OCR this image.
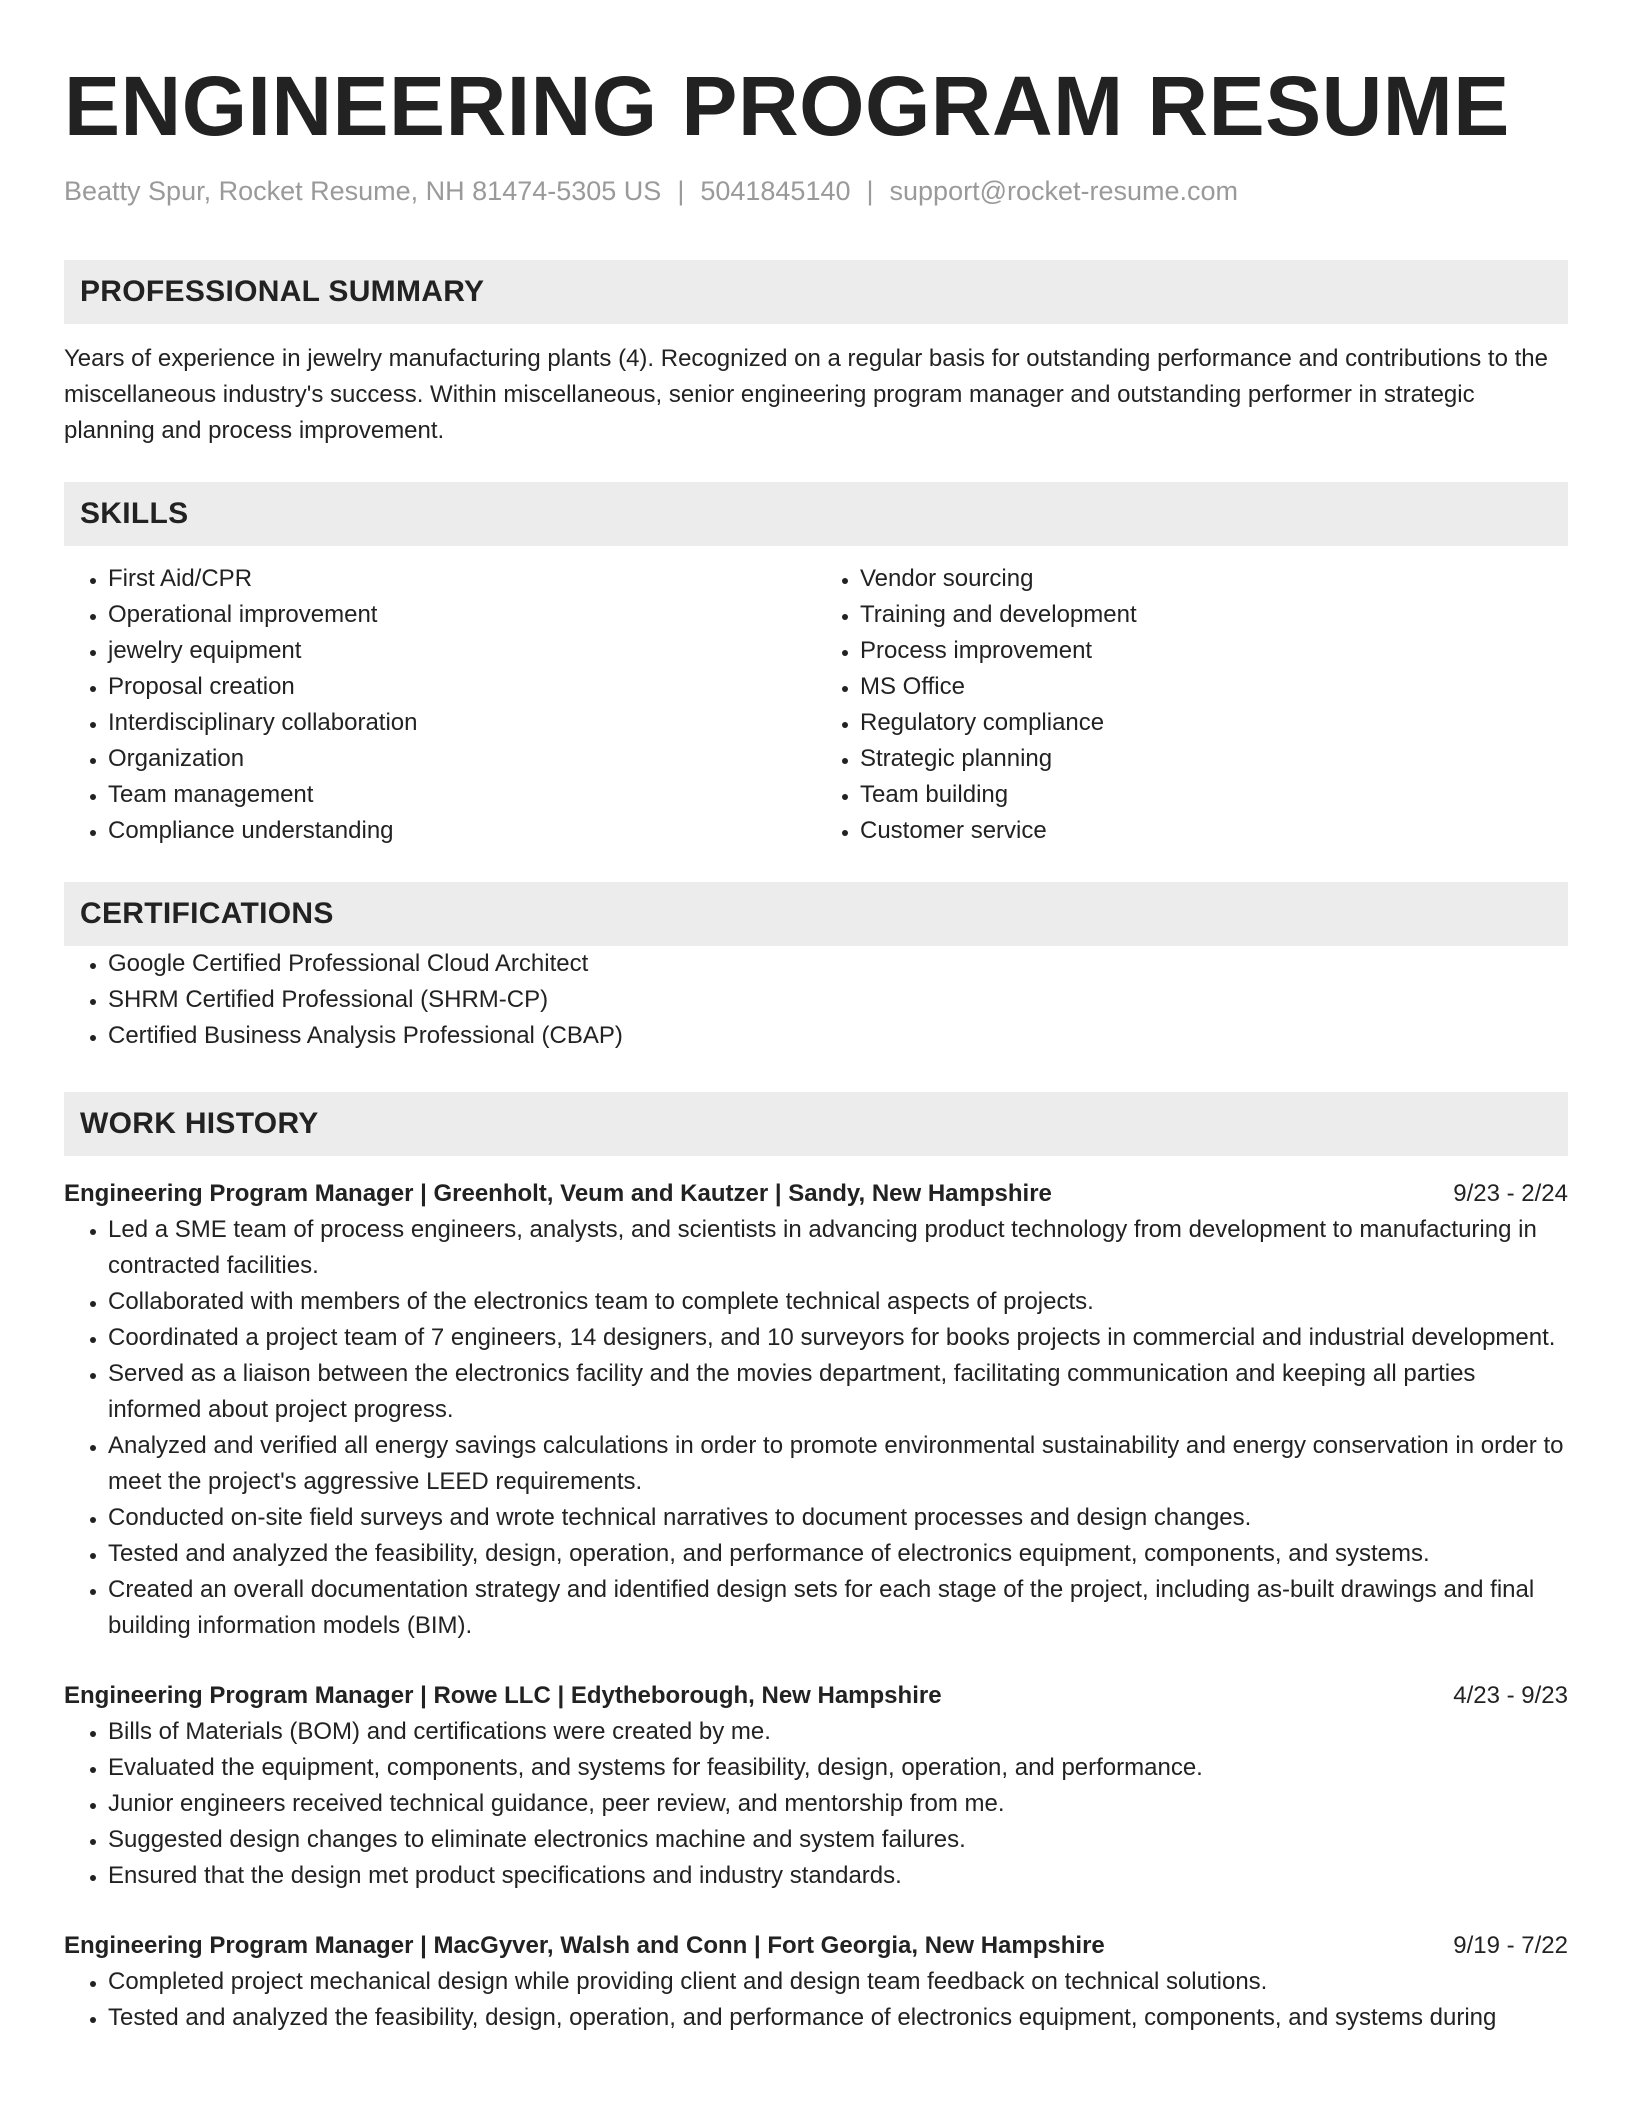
ENGINEERING PROGRAM RESUME
Beatty Spur, Rocket Resume, NH 81474-5305 US | 5041845140 | support@rocket-resume.com
PROFESSIONAL SUMMARY
Years of experience in jewelry manufacturing plants (4). Recognized on a regular basis for outstanding performance and contributions to the miscellaneous industry's success. Within miscellaneous, senior engineering program manager and outstanding performer in strategic planning and process improvement.
SKILLS
• First Aid/CPR
• Operational improvement
• jewelry equipment
• Proposal creation
• Interdisciplinary collaboration
• Organization
• Team management
• Compliance understanding
• Vendor sourcing
• Training and development
• Process improvement
• MS Office
• Regulatory compliance
• Strategic planning
• Team building
• Customer service
CERTIFICATIONS
• Google Certified Professional Cloud Architect
• SHRM Certified Professional (SHRM-CP)
• Certified Business Analysis Professional (CBAP)
WORK HISTORY
Engineering Program Manager | Greenholt, Veum and Kautzer | Sandy, New Hampshire	9/23 - 2/24
• Led a SME team of process engineers, analysts, and scientists in advancing product technology from development to manufacturing in contracted facilities.
• Collaborated with members of the electronics team to complete technical aspects of projects.
• Coordinated a project team of 7 engineers, 14 designers, and 10 surveyors for books projects in commercial and industrial development.
• Served as a liaison between the electronics facility and the movies department, facilitating communication and keeping all parties informed about project progress.
• Analyzed and verified all energy savings calculations in order to promote environmental sustainability and energy conservation in order to meet the project's aggressive LEED requirements.
• Conducted on-site field surveys and wrote technical narratives to document processes and design changes.
• Tested and analyzed the feasibility, design, operation, and performance of electronics equipment, components, and systems.
• Created an overall documentation strategy and identified design sets for each stage of the project, including as-built drawings and final building information models (BIM).
Engineering Program Manager | Rowe LLC | Edytheborough, New Hampshire	4/23 - 9/23
• Bills of Materials (BOM) and certifications were created by me.
• Evaluated the equipment, components, and systems for feasibility, design, operation, and performance.
• Junior engineers received technical guidance, peer review, and mentorship from me.
• Suggested design changes to eliminate electronics machine and system failures.
• Ensured that the design met product specifications and industry standards.
Engineering Program Manager | MacGyver, Walsh and Conn | Fort Georgia, New Hampshire	9/19 - 7/22
• Completed project mechanical design while providing client and design team feedback on technical solutions.
• Tested and analyzed the feasibility, design, operation, and performance of electronics equipment, components, and systems during
